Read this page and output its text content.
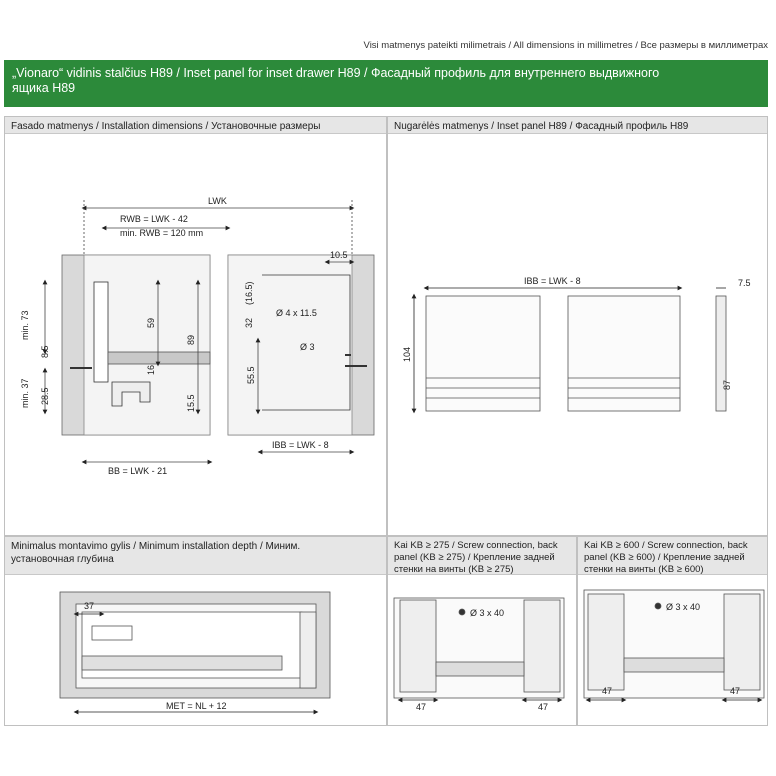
Visi matmenys pateikti milimetrais / All dimensions in millimetres / Все размеры в миллиметрах
„Vionaro“ vidinis stalčius H89 / Inset panel for inset drawer H89 / Фасадный профиль для внутреннего выдвижного
ящика H89
Fasado matmenys / Installation dimensions / Установочные размеры	Nugarėlės matmenys / Inset panel H89 / Фасадный профиль H89
Minimalus montavimo gylis / Minimum installation depth / Миним.
установочная глубина
Kai KB ≥ 275 / Screw connection, back
panel (KB ≥ 275) / Крепление задней
стенки на винты (KB ≥ 275)
Kai KB ≥ 600 / Screw connection, back
panel (KB ≥ 600) / Крепление задней
стенки на винты (KB ≥ 600)
LWK
RWB = LWK - 42
min. RWB = 120 mm
10.5
(16.5)
Ø 4 x 11.5
32
Ø 3
59
89
55.5
16
15.5
min. 73
8.5
min. 37 28.5
BB = LWK - 21
IBB = LWK - 8
IBB = LWK - 8
104
7.5
87
37
MET = NL + 12
Ø 3 x 40
47	47
Ø 3 x 40
47	47
